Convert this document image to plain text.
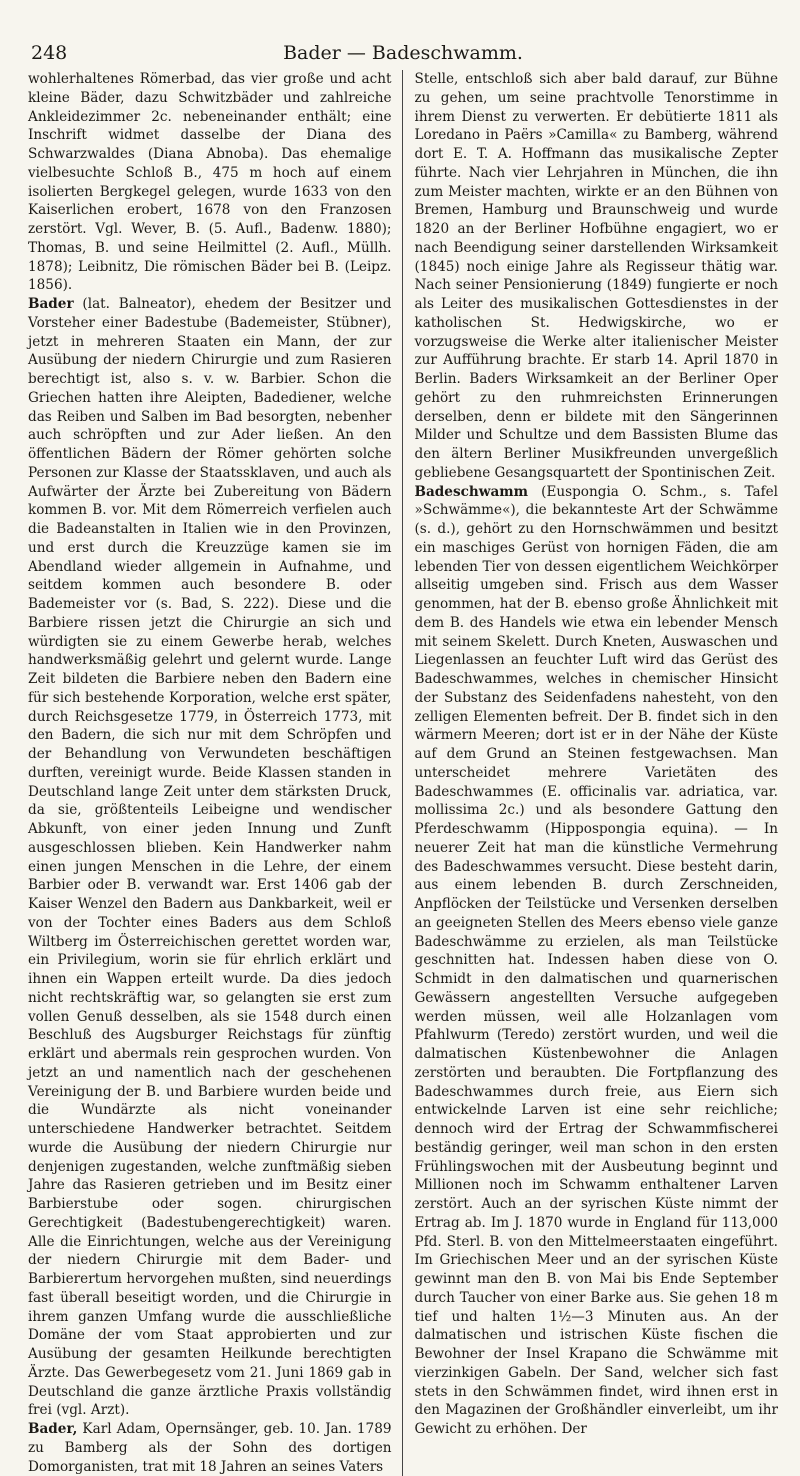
248	Bader — Badeschwamm.

wohlerhaltenes Römerbad, das vier große und acht kleine Bäder, dazu Schwitzbäder und zahlreiche Ankleidezimmer 2c. nebeneinander enthält; eine Inschrift widmet dasselbe der Diana des Schwarzwaldes (Diana Abnoba). Das ehemalige vielbesuchte Schloß B., 475 m hoch auf einem isolierten Bergkegel gelegen, wurde 1633 von den Kaiserlichen erobert, 1678 von den Franzosen zerstört. Vgl. Wever, B. (5. Aufl., Badenw. 1880); Thomas, B. und seine Heilmittel (2. Aufl., Müllh. 1878); Leibnitz, Die römischen Bäder bei B. (Leipz. 1856).

Bader (lat. Balneator), ehedem der Besitzer und Vorsteher einer Badestube (Bademeister, Stübner), jetzt in mehreren Staaten ein Mann, der zur Ausübung der niedern Chirurgie und zum Rasieren berechtigt ist, also s. v. w. Barbier. Schon die Griechen hatten ihre Aleipten, Badediener, welche das Reiben und Salben im Bad besorgten, nebenher auch schröpften und zur Ader ließen. An den öffentlichen Bädern der Römer gehörten solche Personen zur Klasse der Staatssklaven, und auch als Aufwärter der Ärzte bei Zubereitung von Bädern kommen B. vor. Mit dem Römerreich verfielen auch die Badeanstalten in Italien wie in den Provinzen, und erst durch die Kreuzzüge kamen sie im Abendland wieder allgemein in Aufnahme, und seitdem kommen auch besondere B. oder Bademeister vor (s. Bad, S. 222). Diese und die Barbiere rissen jetzt die Chirurgie an sich und würdigten sie zu einem Gewerbe herab, welches handwerksmäßig gelehrt und gelernt wurde. Lange Zeit bildeten die Barbiere neben den Badern eine für sich bestehende Korporation, welche erst später, durch Reichsgesetze 1779, in Österreich 1773, mit den Badern, die sich nur mit dem Schröpfen und der Behandlung von Verwundeten beschäftigen durften, vereinigt wurde. Beide Klassen standen in Deutschland lange Zeit unter dem stärksten Druck, da sie, größtenteils Leibeigne und wendischer Abkunft, von einer jeden Innung und Zunft ausgeschlossen blieben. Kein Handwerker nahm einen jungen Menschen in die Lehre, der einem Barbier oder B. verwandt war. Erst 1406 gab der Kaiser Wenzel den Badern aus Dankbarkeit, weil er von der Tochter eines Baders aus dem Schloß Wiltberg im Österreichischen gerettet worden war, ein Privilegium, worin sie für ehrlich erklärt und ihnen ein Wappen erteilt wurde. Da dies jedoch nicht rechtskräftig war, so gelangten sie erst zum vollen Genuß desselben, als sie 1548 durch einen Beschluß des Augsburger Reichstags für zünftig erklärt und abermals rein gesprochen wurden. Von jetzt an und namentlich nach der geschehenen Vereinigung der B. und Barbiere wurden beide und die Wundärzte als nicht voneinander unterschiedene Handwerker betrachtet. Seitdem wurde die Ausübung der niedern Chirurgie nur denjenigen zugestanden, welche zunftmäßig sieben Jahre das Rasieren getrieben und im Besitz einer Barbierstube oder sogen. chirurgischen Gerechtigkeit (Badestubengerechtigkeit) waren. Alle die Einrichtungen, welche aus der Vereinigung der niedern Chirurgie mit dem Bader- und Barbierertum hervorgehen mußten, sind neuerdings fast überall beseitigt worden, und die Chirurgie in ihrem ganzen Umfang wurde die ausschließliche Domäne der vom Staat approbierten und zur Ausübung der gesamten Heilkunde berechtigten Ärzte. Das Gewerbegesetz vom 21. Juni 1869 gab in Deutschland die ganze ärztliche Praxis vollständig frei (vgl. Arzt).

Bader, Karl Adam, Opernsänger, geb. 10. Jan. 1789 zu Bamberg als der Sohn des dortigen Domorganisten, trat mit 18 Jahren an seines Vaters

Stelle, entschloß sich aber bald darauf, zur Bühne zu gehen, um seine prachtvolle Tenorstimme in ihrem Dienst zu verwerten. Er debütierte 1811 als Loredano in Paërs »Camilla« zu Bamberg, während dort E. T. A. Hoffmann das musikalische Zepter führte. Nach vier Lehrjahren in München, die ihn zum Meister machten, wirkte er an den Bühnen von Bremen, Hamburg und Braunschweig und wurde 1820 an der Berliner Hofbühne engagiert, wo er nach Beendigung seiner darstellenden Wirksamkeit (1845) noch einige Jahre als Regisseur thätig war. Nach seiner Pensionierung (1849) fungierte er noch als Leiter des musikalischen Gottesdienstes in der katholischen St. Hedwigskirche, wo er vorzugsweise die Werke alter italienischer Meister zur Aufführung brachte. Er starb 14. April 1870 in Berlin. Baders Wirksamkeit an der Berliner Oper gehört zu den ruhmreichsten Erinnerungen derselben, denn er bildete mit den Sängerinnen Milder und Schultze und dem Bassisten Blume das den ältern Berliner Musikfreunden unvergeßlich gebliebene Gesangsquartett der Spontinischen Zeit.

Badeschwamm (Euspongia O. Schm., s. Tafel »Schwämme«), die bekannteste Art der Schwämme (s. d.), gehört zu den Hornschwämmen und besitzt ein maschiges Gerüst von hornigen Fäden, die am lebenden Tier von dessen eigentlichem Weichkörper allseitig umgeben sind. Frisch aus dem Wasser genommen, hat der B. ebenso große Ähnlichkeit mit dem B. des Handels wie etwa ein lebender Mensch mit seinem Skelett. Durch Kneten, Auswaschen und Liegenlassen an feuchter Luft wird das Gerüst des Badeschwammes, welches in chemischer Hinsicht der Substanz des Seidenfadens nahesteht, von den zelligen Elementen befreit. Der B. findet sich in den wärmern Meeren; dort ist er in der Nähe der Küste auf dem Grund an Steinen festgewachsen. Man unterscheidet mehrere Varietäten des Badeschwammes (E. officinalis var. adriatica, var. mollissima 2c.) und als besondere Gattung den Pferdeschwamm (Hippospongia equina). — In neuerer Zeit hat man die künstliche Vermehrung des Badeschwammes versucht. Diese besteht darin, aus einem lebenden B. durch Zerschneiden, Anpflöcken der Teilstücke und Versenken derselben an geeigneten Stellen des Meers ebenso viele ganze Badeschwämme zu erzielen, als man Teilstücke geschnitten hat. Indessen haben diese von O. Schmidt in den dalmatischen und quarnerischen Gewässern angestellten Versuche aufgegeben werden müssen, weil alle Holzanlagen vom Pfahlwurm (Teredo) zerstört wurden, und weil die dalmatischen Küstenbewohner die Anlagen zerstörten und beraubten. Die Fortpflanzung des Badeschwammes durch freie, aus Eiern sich entwickelnde Larven ist eine sehr reichliche; dennoch wird der Ertrag der Schwammfischerei beständig geringer, weil man schon in den ersten Frühlingswochen mit der Ausbeutung beginnt und Millionen noch im Schwamm enthaltener Larven zerstört. Auch an der syrischen Küste nimmt der Ertrag ab. Im J. 1870 wurde in England für 113,000 Pfd. Sterl. B. von den Mittelmeerstaaten eingeführt. Im Griechischen Meer und an der syrischen Küste gewinnt man den B. von Mai bis Ende September durch Taucher von einer Barke aus. Sie gehen 18 m tief und halten 1½—3 Minuten aus. An der dalmatischen und istrischen Küste fischen die Bewohner der Insel Krapano die Schwämme mit vierzinkigen Gabeln. Der Sand, welcher sich fast stets in den Schwämmen findet, wird ihnen erst in den Magazinen der Großhändler einverleibt, um ihr Gewicht zu erhöhen. Der
